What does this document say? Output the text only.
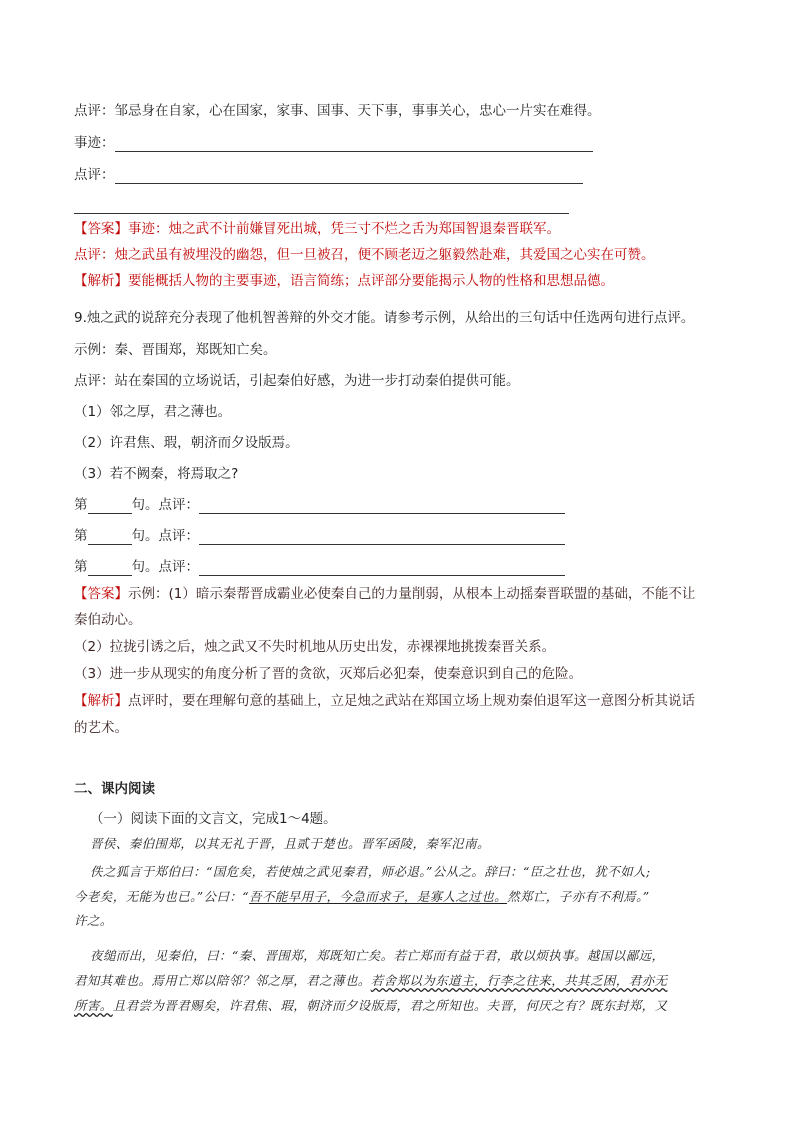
点评：邹忌身在自家，心在国家，家事、国事、天下事，事事关心，忠心一片实在难得。
事迹：
点评：
【答案】事迹：烛之武不计前嫌冒死出城，凭三寸不烂之舌为郑国智退秦晋联军。
点评：烛之武虽有被埋没的幽怨，但一旦被召，便不顾老迈之躯毅然赴难，其爱国之心实在可赞。
【解析】要能概括人物的主要事迹，语言简练；点评部分要能揭示人物的性格和思想品德。
9.烛之武的说辞充分表现了他机智善辩的外交才能。请参考示例，从给出的三句话中任选两句进行点评。
示例：秦、晋围郑，郑既知亡矣。
点评：站在秦国的立场说话，引起秦伯好感，为进一步打动秦伯提供可能。
（1）邻之厚，君之薄也。
（2）许君焦、瑕，朝济而夕设版焉。
（3）若不阙秦，将焉取之?
第	句。点评：
第	句。点评：
第	句。点评：
【答案】示例：(1）暗示秦帮晋成霸业必使秦自己的力量削弱，从根本上动摇秦晋联盟的基础，不能不让
秦伯动心。
（2）拉拢引诱之后，烛之武又不失时机地从历史出发，赤裸裸地挑拨秦晋关系。
（3）进一步从现实的角度分析了晋的贪欲，灭郑后必犯秦，使秦意识到自己的危险。
【解析】点评时，要在理解句意的基础上，立足烛之武站在郑国立场上规劝秦伯退军这一意图分析其说话
的艺术。
二、课内阅读
（一）阅读下面的文言文，完成1～4题。
晋侯、秦伯围郑，以其无礼于晋，且贰于楚也。晋军函陵，秦军氾南。
佚之狐言于郑伯曰：“国危矣，若使烛之武见秦君，师必退。”公从之。辞曰：“臣之壮也，犹不如人;
今老矣，无能为也已。”公曰：“吾不能早用子，今急而求子，是寡人之过也。然郑亡，子亦有不利焉。”
许之。
夜缒而出，见秦伯，曰：“秦、晋围郑，郑既知亡矣。若亡郑而有益于君，敢以烦执事。越国以鄙远，
君知其难也。焉用亡郑以陪邻？邻之厚，君之薄也。若舍郑以为东道主，行李之往来，共其乏困，君亦无
所害。且君尝为晋君赐矣，许君焦、瑕，朝济而夕设版焉，君之所知也。夫晋，何厌之有？既东封郑，又
